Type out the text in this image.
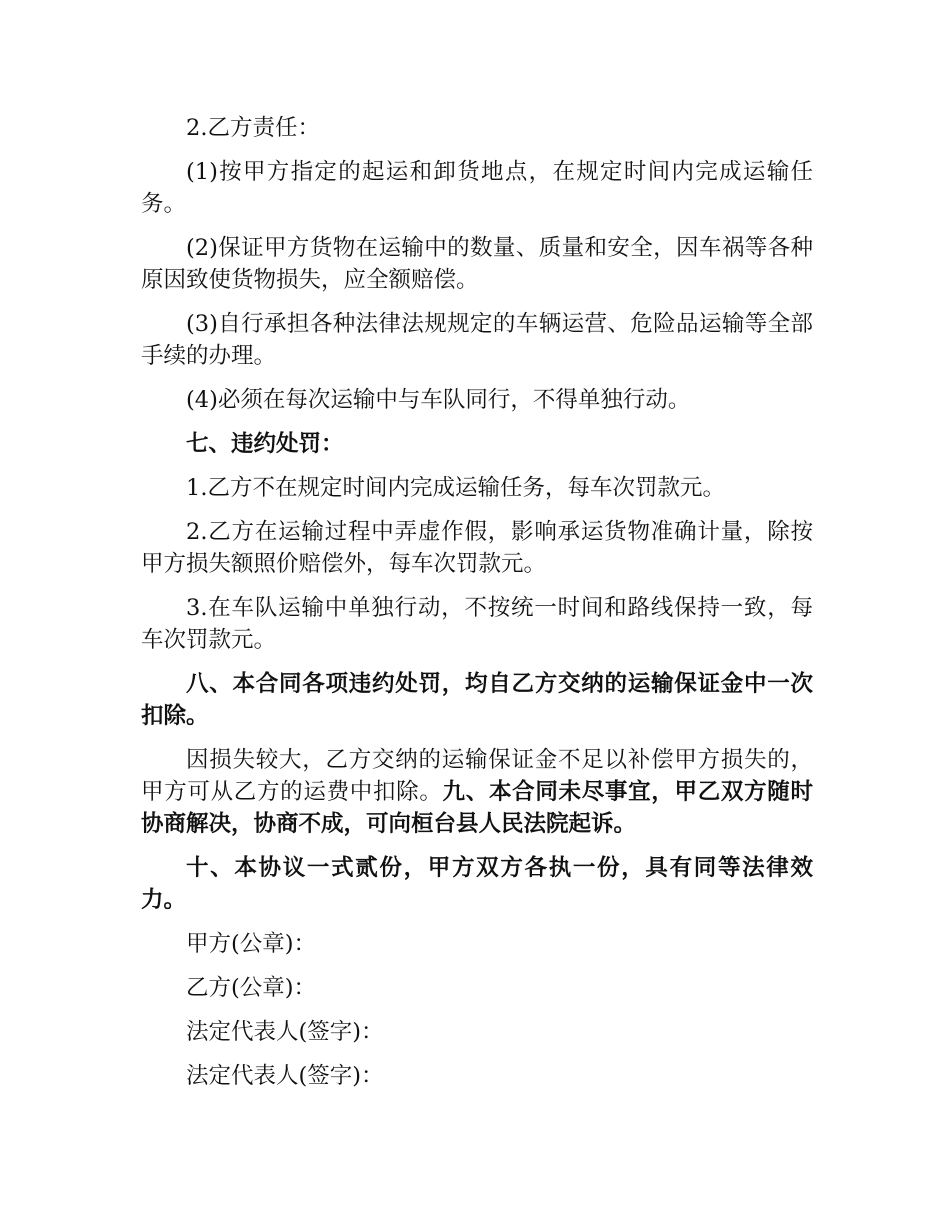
2.乙方责任：

(1)按甲方指定的起运和卸货地点，在规定时间内完成运输任务。

(2)保证甲方货物在运输中的数量、质量和安全，因车祸等各种原因致使货物损失，应全额赔偿。

(3)自行承担各种法律法规规定的车辆运营、危险品运输等全部手续的办理。

(4)必须在每次运输中与车队同行，不得单独行动。

七、违约处罚：

1.乙方不在规定时间内完成运输任务，每车次罚款元。

2.乙方在运输过程中弄虚作假，影响承运货物准确计量，除按甲方损失额照价赔偿外，每车次罚款元。

3.在车队运输中单独行动，不按统一时间和路线保持一致，每车次罚款元。

八、本合同各项违约处罚，均自乙方交纳的运输保证金中一次扣除。

因损失较大，乙方交纳的运输保证金不足以补偿甲方损失的，甲方可从乙方的运费中扣除。九、本合同未尽事宜，甲乙双方随时协商解决，协商不成，可向桓台县人民法院起诉。

十、本协议一式贰份，甲方双方各执一份，具有同等法律效力。

甲方(公章)：

乙方(公章)：

法定代表人(签字)：

法定代表人(签字)：
